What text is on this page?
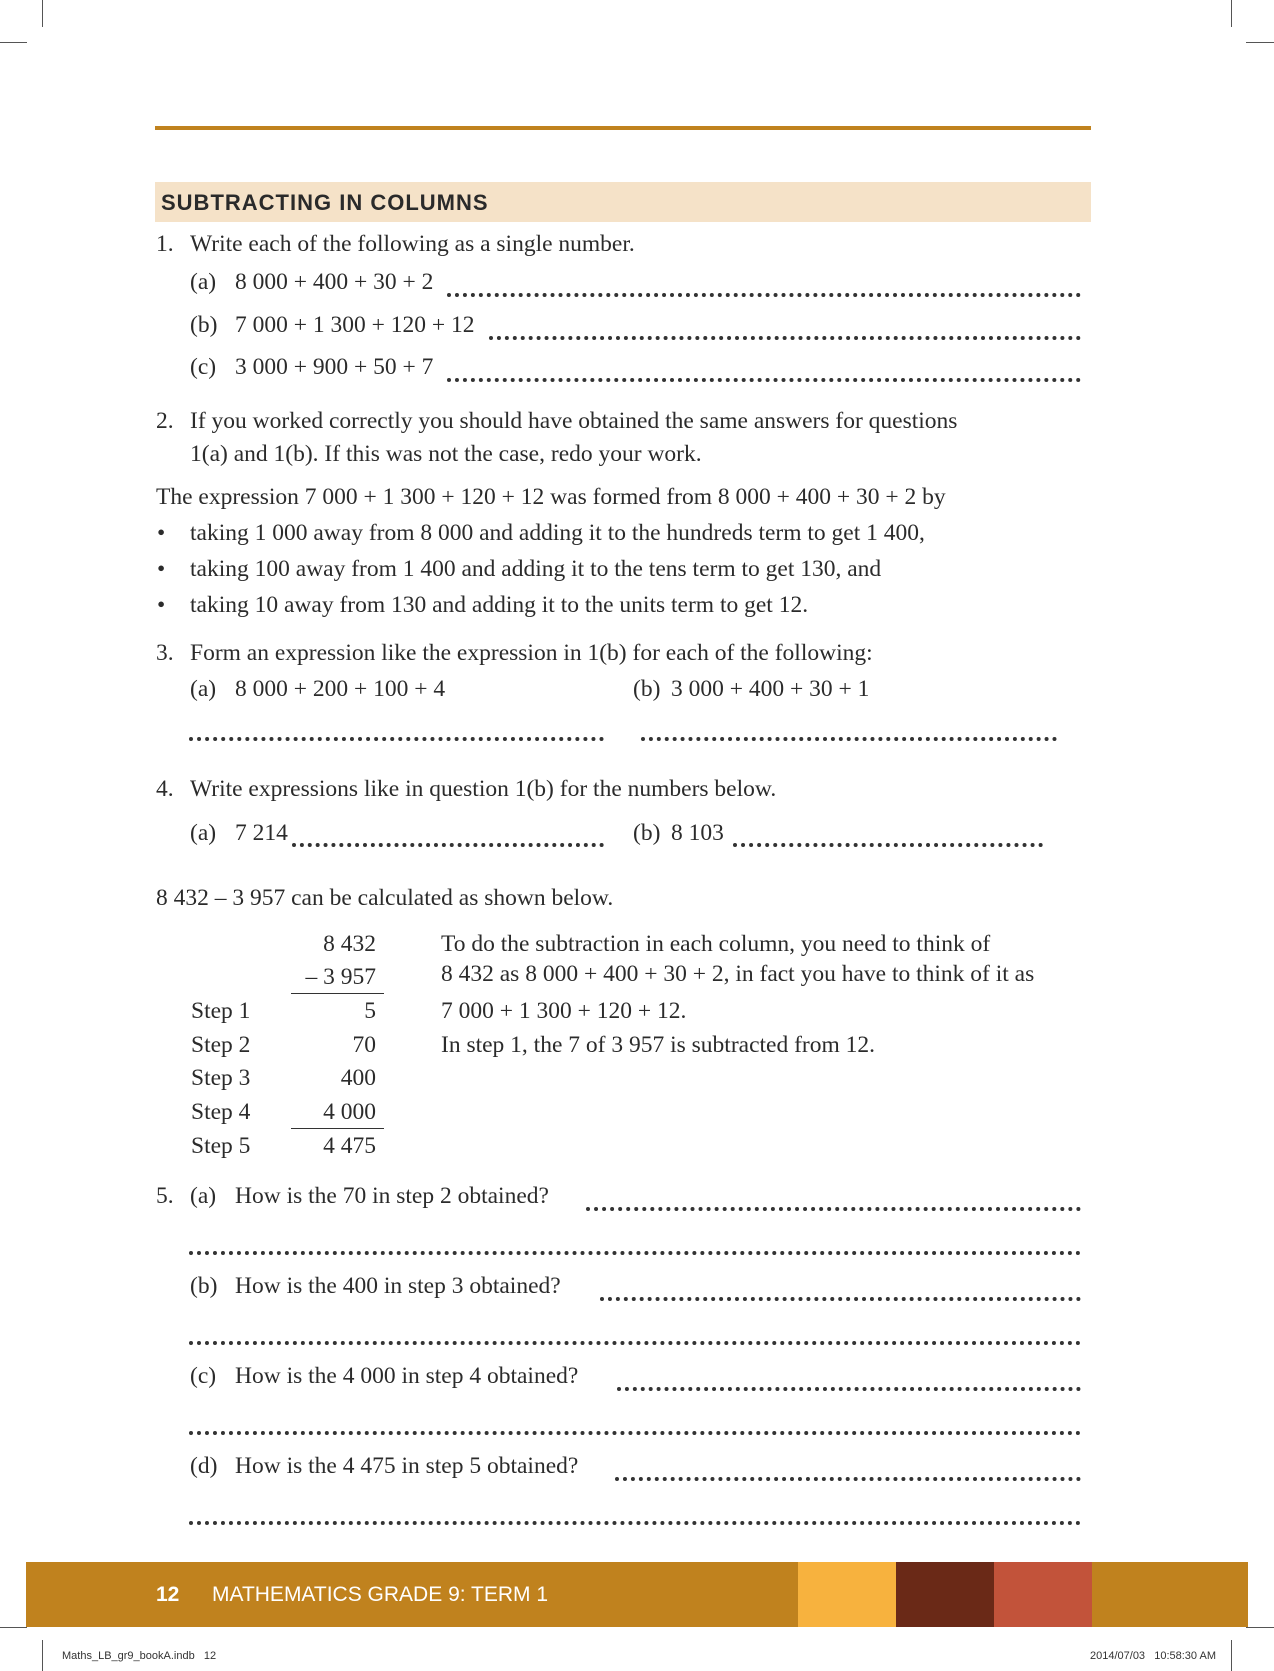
SUBTRACTING IN COLUMNS
1. Write each of the following as a single number.
(a) 8 000 + 400 + 30 + 2
(b) 7 000 + 1 300 + 120 + 12
(c) 3 000 + 900 + 50 + 7
2. If you worked correctly you should have obtained the same answers for questions
1(a) and 1(b). If this was not the case, redo your work.
The expression 7 000 + 1 300 + 120 + 12 was formed from 8 000 + 400 + 30 + 2 by
• taking 1 000 away from 8 000 and adding it to the hundreds term to get 1 400,
• taking 100 away from 1 400 and adding it to the tens term to get 130, and
• taking 10 away from 130 and adding it to the units term to get 12.
3. Form an expression like the expression in 1(b) for each of the following:
(a) 8 000 + 200 + 100 + 4	(b) 3 000 + 400 + 30 + 1
4. Write expressions like in question 1(b) for the numbers below.
(a) 7 214	(b) 8 103
8 432 – 3 957 can be calculated as shown below.
8 432
– 3 957
Step 1	5
Step 2	70
Step 3	400
Step 4	4 000
Step 5	4 475
To do the subtraction in each column, you need to think of
8 432 as 8 000 + 400 + 30 + 2, in fact you have to think of it as
7 000 + 1 300 + 120 + 12.
In step 1, the 7 of 3 957 is subtracted from 12.
5. (a) How is the 70 in step 2 obtained?
(b) How is the 400 in step 3 obtained?
(c) How is the 4 000 in step 4 obtained?
(d) How is the 4 475 in step 5 obtained?
12 MATHEMATICS GRADE 9: TERM 1
Maths_LB_gr9_bookA.indb   12	2014/07/03   10:58:30 AM
